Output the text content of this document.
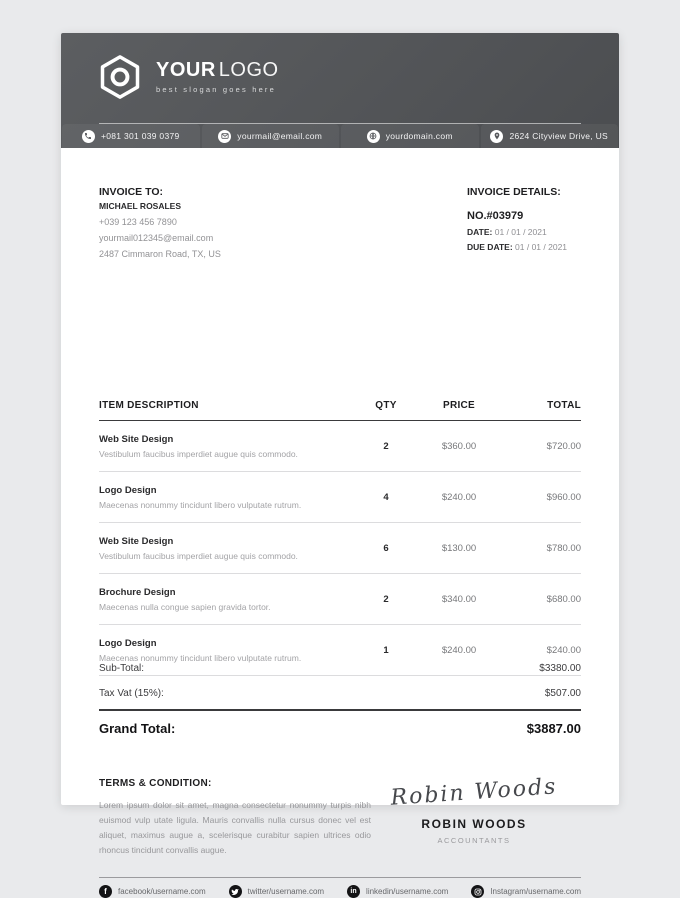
YOUR LOGO
best slogan goes here
+081 301 039 0379	yourmail@email.com	yourdomain.com	2624 Cityview Drive, US
INVOICE TO:
MICHAEL ROSALES
+039 123 456 7890
yourmail012345@email.com
2487 Cimmaron Road, TX, US
INVOICE DETAILS:
NO.#03979
DATE: 01 / 01 / 2021
DUE DATE: 01 / 01 / 2021
ITEM DESCRIPTION	QTY	PRICE	TOTAL
Web Site Design
Vestibulum faucibus imperdiet augue quis commodo.
2	$360.00	$720.00
Logo Design
Maecenas nonummy tincidunt libero vulputate rutrum.
4	$240.00	$960.00
Web Site Design
Vestibulum faucibus imperdiet augue quis commodo.
6	$130.00	$780.00
Brochure Design
Maecenas nulla congue sapien gravida tortor.
2	$340.00	$680.00
Logo Design
Maecenas nonummy tincidunt libero vulputate rutrum.
1	$240.00	$240.00
Sub-Total:	$3380.00
Tax Vat (15%):	$507.00
Grand Total:	$3887.00
TERMS & CONDITION:
Lorem ipsum dolor sit amet, magna consectetur nonummy turpis nibh euismod vulp utate ligula. Mauris convallis nulla cursus donec vel est aliquet, maximus augue a, scelerisque curabitur sapien ultrices odio rhoncus tincidunt convallis augue.
Robin Woods
ROBIN WOODS
ACCOUNTANTS
f facebook/username.com	twitter/username.com	in linkedin/username.com	Instagram/username.com
